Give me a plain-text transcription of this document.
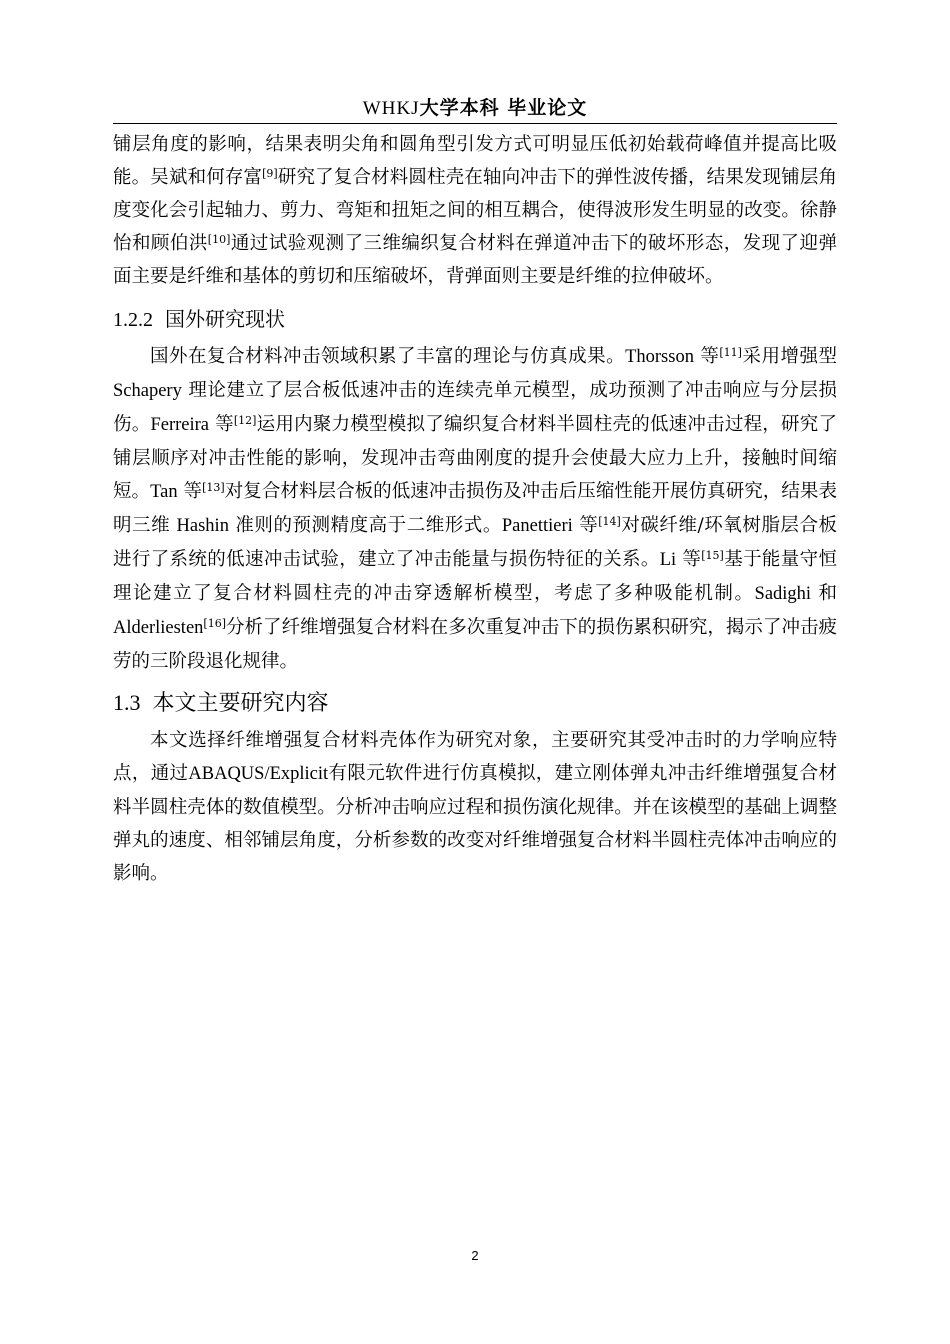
WHKJ大学本科 毕业论文

铺层角度的影响，结果表明尖角和圆角型引发方式可明显压低初始载荷峰值并提高比吸能。吴斌和何存富[9]研究了复合材料圆柱壳在轴向冲击下的弹性波传播，结果发现铺层角度变化会引起轴力、剪力、弯矩和扭矩之间的相互耦合，使得波形发生明显的改变。徐静怡和顾伯洪[10]通过试验观测了三维编织复合材料在弹道冲击下的破坏形态，发现了迎弹面主要是纤维和基体的剪切和压缩破坏，背弹面则主要是纤维的拉伸破坏。

1.2.2 国外研究现状

国外在复合材料冲击领域积累了丰富的理论与仿真成果。Thorsson 等[11]采用增强型 Schapery 理论建立了层合板低速冲击的连续壳单元模型，成功预测了冲击响应与分层损伤。Ferreira 等[12]运用内聚力模型模拟了编织复合材料半圆柱壳的低速冲击过程，研究了铺层顺序对冲击性能的影响，发现冲击弯曲刚度的提升会使最大应力上升，接触时间缩短。Tan 等[13]对复合材料层合板的低速冲击损伤及冲击后压缩性能开展仿真研究，结果表明三维 Hashin 准则的预测精度高于二维形式。Panettieri 等[14]对碳纤维/环氧树脂层合板进行了系统的低速冲击试验，建立了冲击能量与损伤特征的关系。Li 等[15]基于能量守恒理论建立了复合材料圆柱壳的冲击穿透解析模型，考虑了多种吸能机制。Sadighi 和 Alderliesten[16]分析了纤维增强复合材料在多次重复冲击下的损伤累积研究，揭示了冲击疲劳的三阶段退化规律。

1.3 本文主要研究内容

本文选择纤维增强复合材料壳体作为研究对象，主要研究其受冲击时的力学响应特点，通过ABAQUS/Explicit有限元软件进行仿真模拟，建立刚体弹丸冲击纤维增强复合材料半圆柱壳体的数值模型。分析冲击响应过程和损伤演化规律。并在该模型的基础上调整弹丸的速度、相邻铺层角度，分析参数的改变对纤维增强复合材料半圆柱壳体冲击响应的影响。

2
